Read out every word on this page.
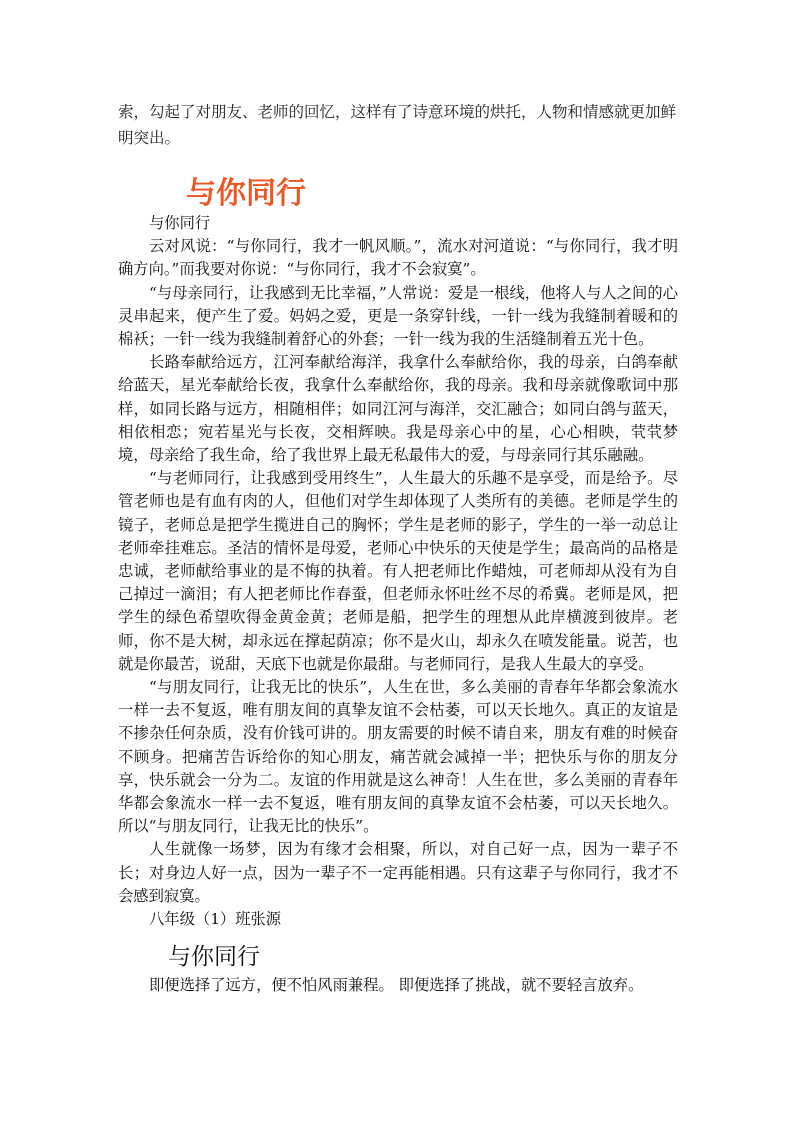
索，勾起了对朋友、老师的回忆，这样有了诗意环境的烘托，人物和情感就更加鲜明突出。
与你同行

与你同行

云对风说：“与你同行，我才一帆风顺。”，流水对河道说：“与你同行，我才明确方向。”而我要对你说：“与你同行，我才不会寂寞”。

“与母亲同行，让我感到无比幸福，”人常说：爱是一根线，他将人与人之间的心灵串起来，便产生了爱。妈妈之爱，更是一条穿针线，一针一线为我缝制着暖和的棉袄；一针一线为我缝制着舒心的外套；一针一线为我的生活缝制着五光十色。

长路奉献给远方，江河奉献给海洋，我拿什么奉献给你，我的母亲，白鸽奉献给蓝天，星光奉献给长夜，我拿什么奉献给你，我的母亲。我和母亲就像歌词中那样，如同长路与远方，相随相伴；如同江河与海洋，交汇融合；如同白鸽与蓝天，相依相恋；宛若星光与长夜，交相辉映。我是母亲心中的星，心心相映，茕茕梦境，母亲给了我生命，给了我世界上最无私最伟大的爱，与母亲同行其乐融融。

“与老师同行，让我感到受用终生”，人生最大的乐趣不是享受，而是给予。尽管老师也是有血有肉的人，但他们对学生却体现了人类所有的美德。老师是学生的镜子，老师总是把学生揽进自己的胸怀；学生是老师的影子，学生的一举一动总让老师牵挂难忘。圣洁的情怀是母爱，老师心中快乐的天使是学生；最高尚的品格是忠诚，老师献给事业的是不悔的执着。有人把老师比作蜡烛，可老师却从没有为自己掉过一滴泪；有人把老师比作春蚕，但老师永怀吐丝不尽的希冀。老师是风，把学生的绿色希望吹得金黄金黄；老师是船，把学生的理想从此岸横渡到彼岸。老师，你不是大树，却永远在撑起荫凉；你不是火山，却永久在喷发能量。说苦，也就是你最苦，说甜，天底下也就是你最甜。与老师同行，是我人生最大的享受。

“与朋友同行，让我无比的快乐”，人生在世，多么美丽的青春年华都会象流水一样一去不复返，唯有朋友间的真挚友谊不会枯萎，可以天长地久。真正的友谊是不掺杂任何杂质，没有价钱可讲的。朋友需要的时候不请自来，朋友有难的时候奋不顾身。把痛苦告诉给你的知心朋友，痛苦就会减掉一半；把快乐与你的朋友分享，快乐就会一分为二。友谊的作用就是这么神奇！人生在世，多么美丽的青春年华都会象流水一样一去不复返，唯有朋友间的真挚友谊不会枯萎，可以天长地久。所以“与朋友同行，让我无比的快乐”。

人生就像一场梦，因为有缘才会相聚，所以，对自己好一点，因为一辈子不长；对身边人好一点，因为一辈子不一定再能相遇。只有这辈子与你同行，我才不会感到寂寞。

八年级（1）班张源

与你同行
即便选择了远方，便不怕风雨兼程。 即便选择了挑战，就不要轻言放弃。
